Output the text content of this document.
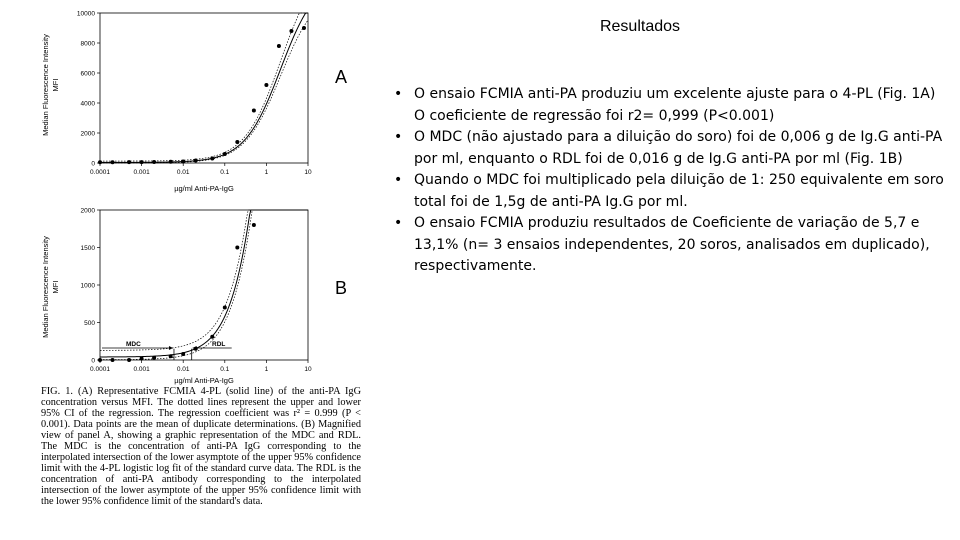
Resultados
• O ensaio FCMIA anti-PA produziu um excelente ajuste para o 4-PL (Fig. 1A) O coeficiente de regressão foi r2= 0,999 (P<0.001)
• O MDC (não ajustado para a diluição do soro) foi de 0,006 g de Ig.G anti-PA por ml, enquanto o RDL foi de 0,016 g de Ig.G anti-PA por ml (Fig. 1B)
• Quando o MDC foi multiplicado pela diluição de 1: 250 equivalente em soro total foi de 1,5g de anti-PA Ig.G por ml.
• O ensaio FCMIA produziu resultados de Coeficiente de variação de 5,7 e 13,1% (n= 3 ensaios independentes, 20 soros, analisados em duplicado), respectivamente.
0.0001	0.001	0.01	0.1	1	10
0
2000
4000
6000
8000
10000
Median Fluorescence Intensity MFI
µg/ml Anti-PA-IgG
0.0001	0.001	0.01	0.1	1	10
0
500
1000
1500
2000
MDC	RDL
Median Fluorescence Intensity MFI
µg/ml Anti-PA-IgG
A
B

FIG. 1. (A) Representative FCMIA 4-PL (solid line) of the anti-PA IgG concentration versus MFI. The dotted lines represent the upper and lower 95% CI of the regression. The regression coefficient was r² = 0.999 (P < 0.001). Data points are the mean of duplicate determinations. (B) Magnified view of panel A, showing a graphic representation of the MDC and RDL. The MDC is the concentration of anti-PA IgG corresponding to the interpolated intersection of the lower asymptote of the upper 95% confidence limit with the 4-PL logistic log fit of the standard curve data. The RDL is the concentration of anti-PA antibody corresponding to the interpolated intersection of the lower asymptote of the upper 95% confidence limit with the lower 95% confidence limit of the standard's data.
